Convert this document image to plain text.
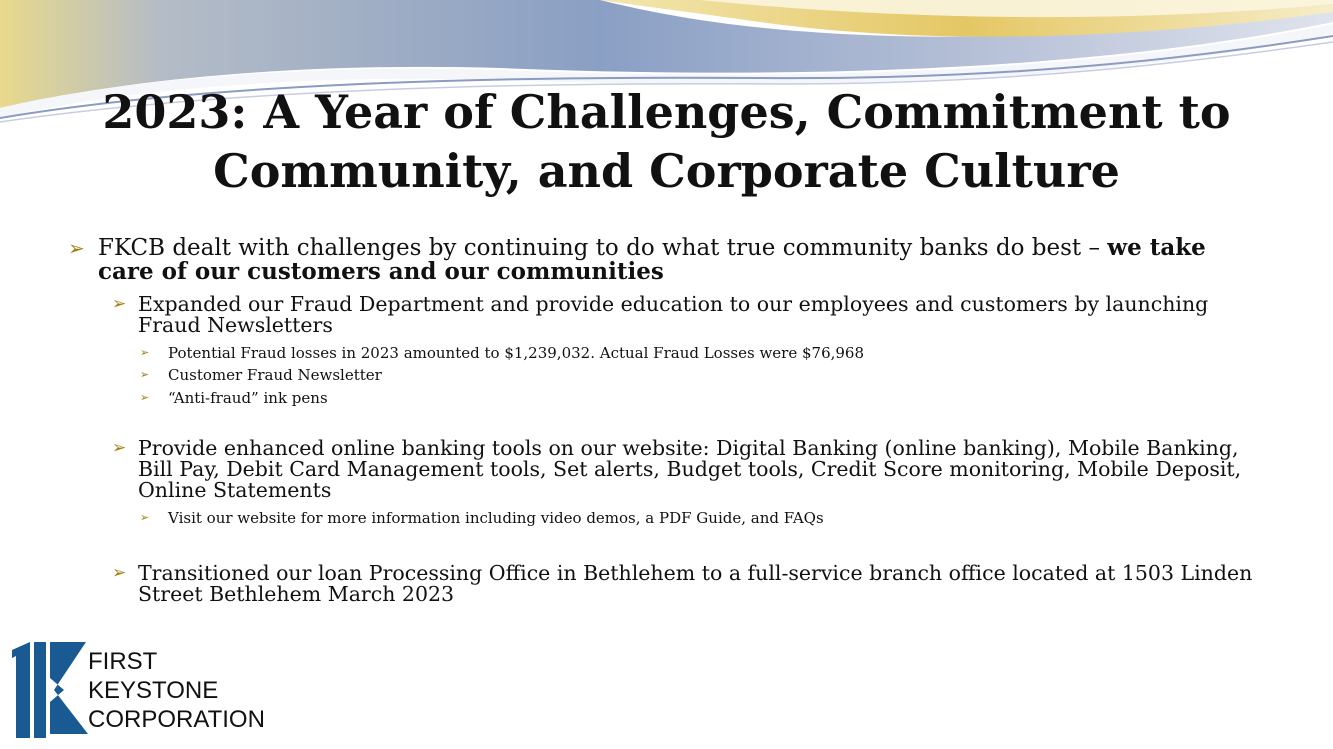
2023: A Year of Challenges, Commitment to Community, and Corporate Culture
➢ FKCB dealt with challenges by continuing to do what true community banks do best – we take care of our customers and our communities
➢ Expanded our Fraud Department and provide education to our employees and customers by launching Fraud Newsletters
➢	Potential Fraud losses in 2023 amounted to $1,239,032. Actual Fraud Losses were $76,968
➢	Customer Fraud Newsletter
➢	“Anti-fraud” ink pens
➢ Provide enhanced online banking tools on our website: Digital Banking (online banking), Mobile Banking, Bill Pay, Debit Card Management tools, Set alerts, Budget tools, Credit Score monitoring, Mobile Deposit, Online Statements
➢	Visit our website for more information including video demos, a PDF Guide, and FAQs
➢ Transitioned our loan Processing Office in Bethlehem to a full-service branch office located at 1503 Linden Street Bethlehem March 2023
FIRST
KEYSTONE
CORPORATION
